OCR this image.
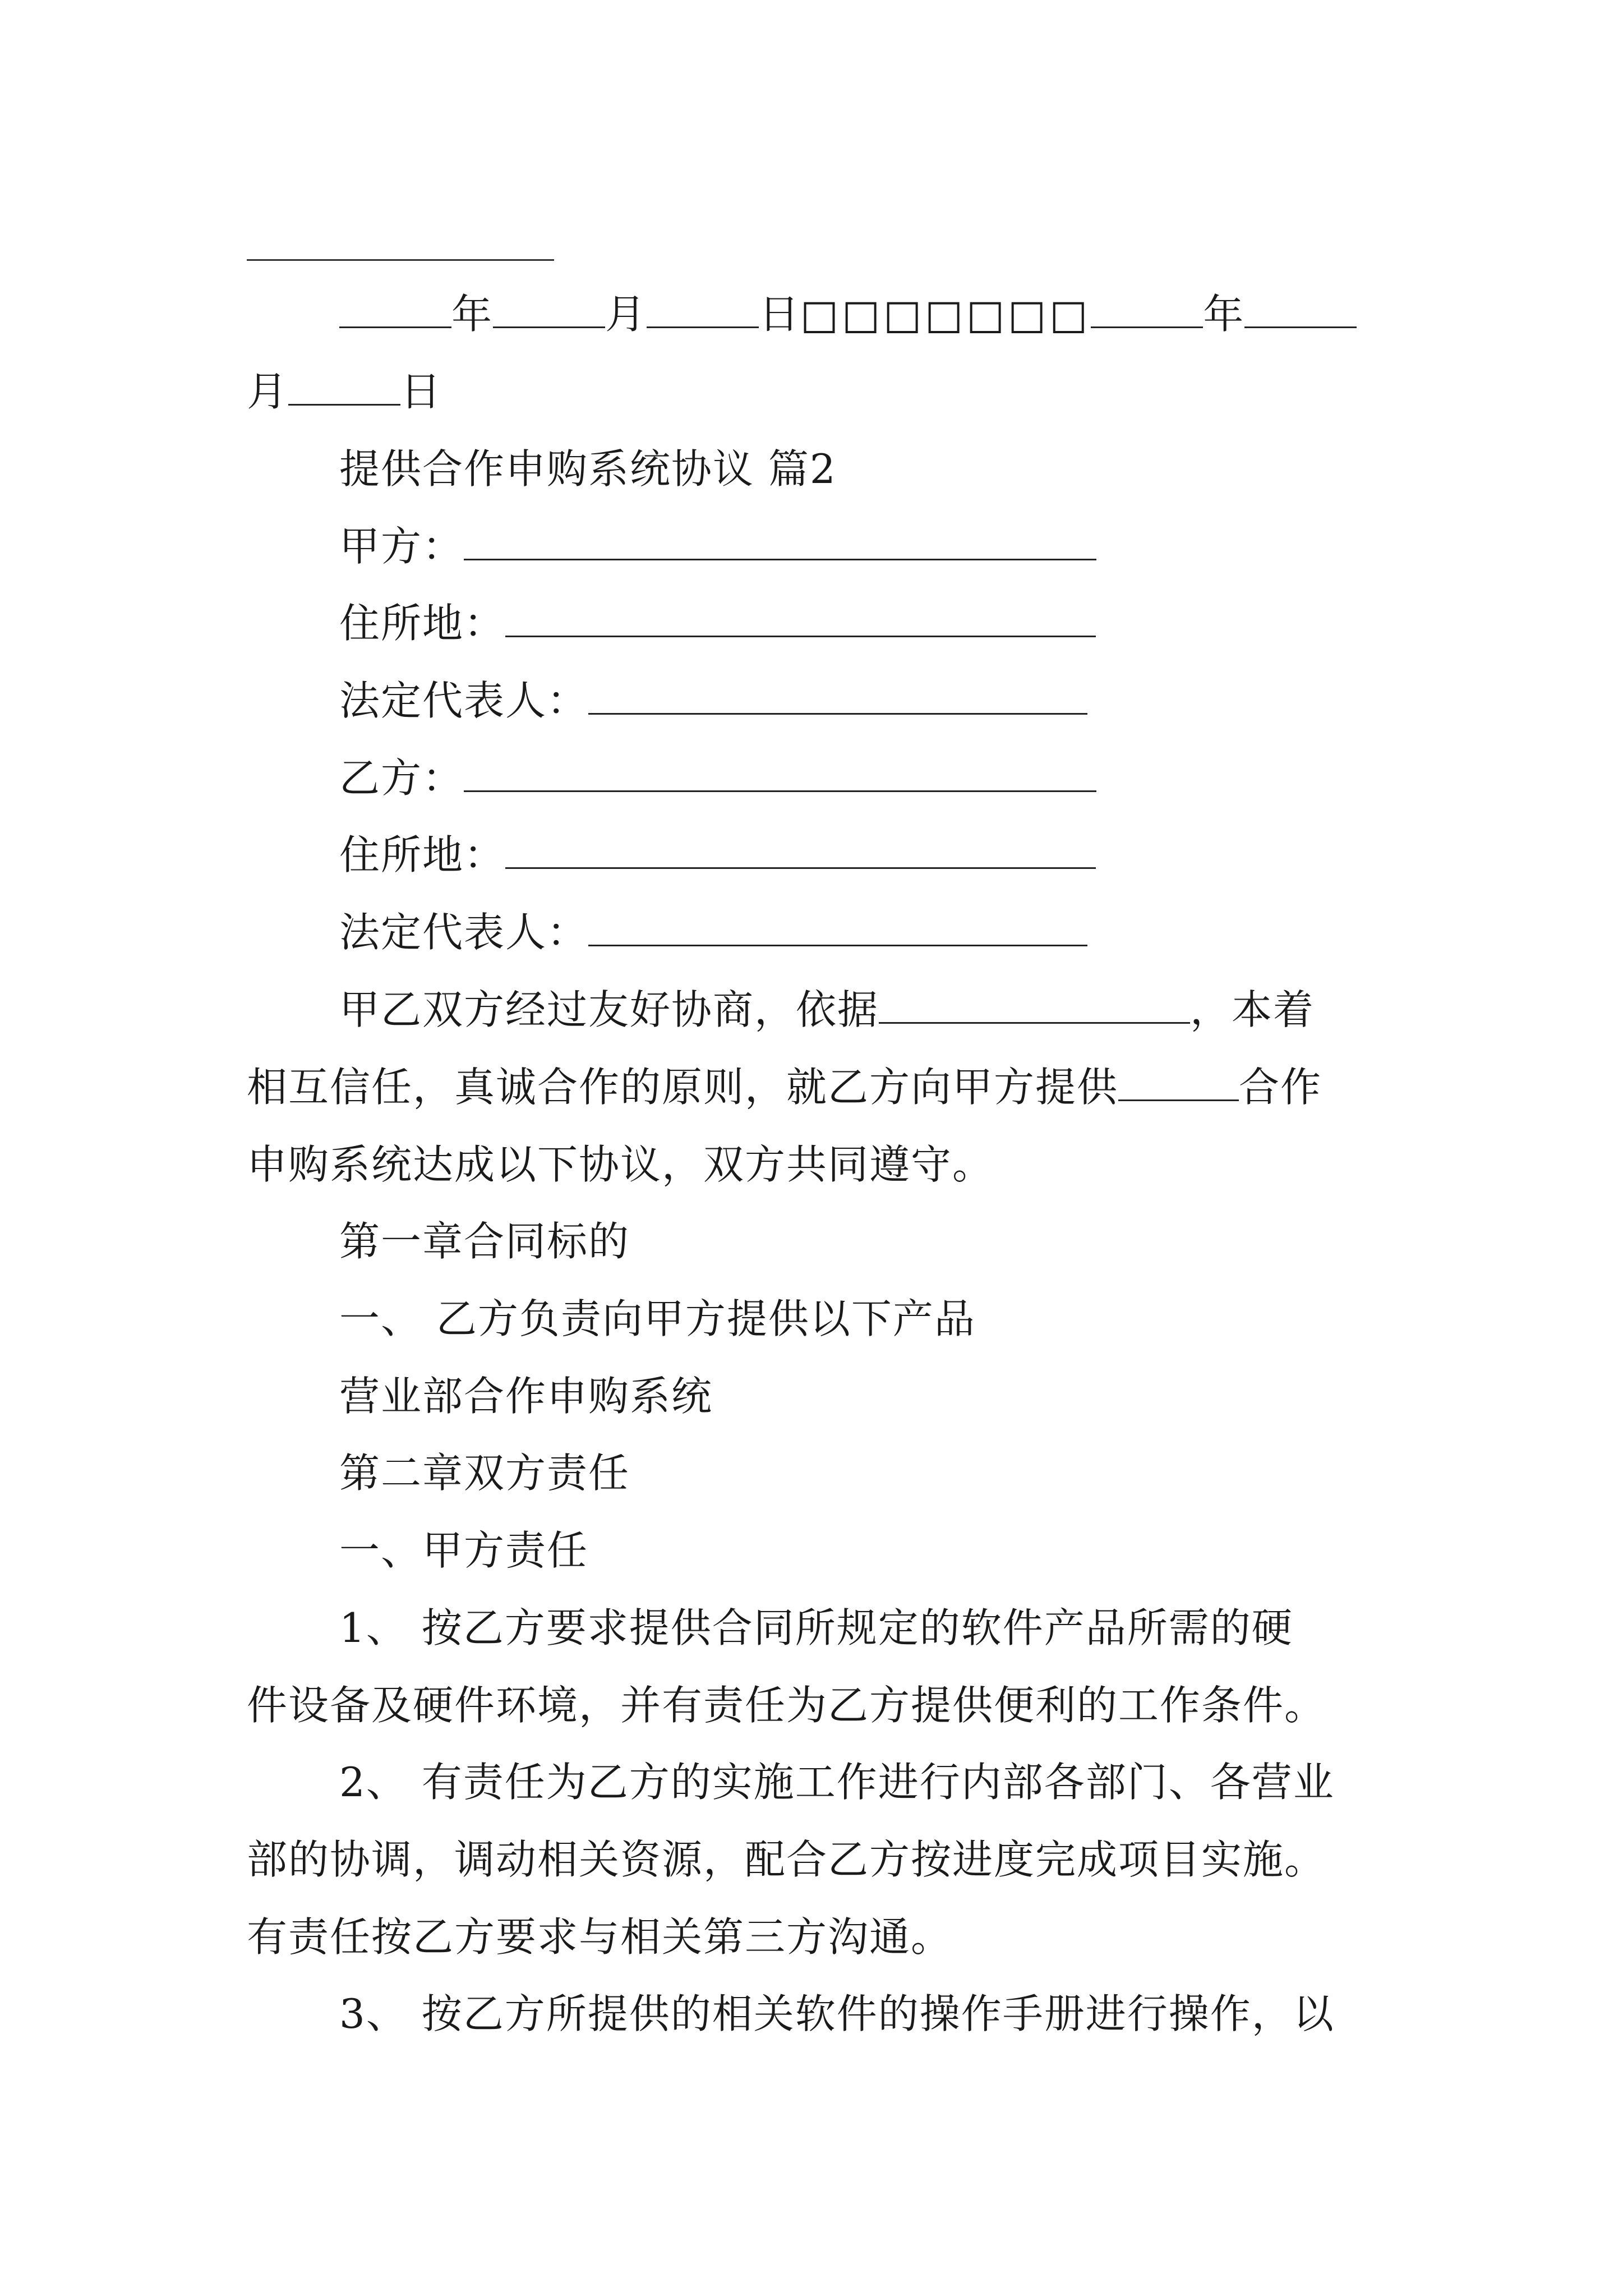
年	月	日□□□□□□□	年
月	日
提供合作申购系统协议 篇2
甲方：
住所地：
法定代表人：
乙方：
住所地：
法定代表人：
甲乙双方经过友好协商，依据	，本着
相互信任，真诚合作的原则，就乙方向甲方提供	合作
申购系统达成以下协议，双方共同遵守。
第一章合同标的
一、 乙方负责向甲方提供以下产品
营业部合作申购系统
第二章双方责任
一、甲方责任
1、 按乙方要求提供合同所规定的软件产品所需的硬
件设备及硬件环境，并有责任为乙方提供便利的工作条件。
2、 有责任为乙方的实施工作进行内部各部门、各营业
部的协调，调动相关资源，配合乙方按进度完成项目实施。
有责任按乙方要求与相关第三方沟通。
3、 按乙方所提供的相关软件的操作手册进行操作，以
